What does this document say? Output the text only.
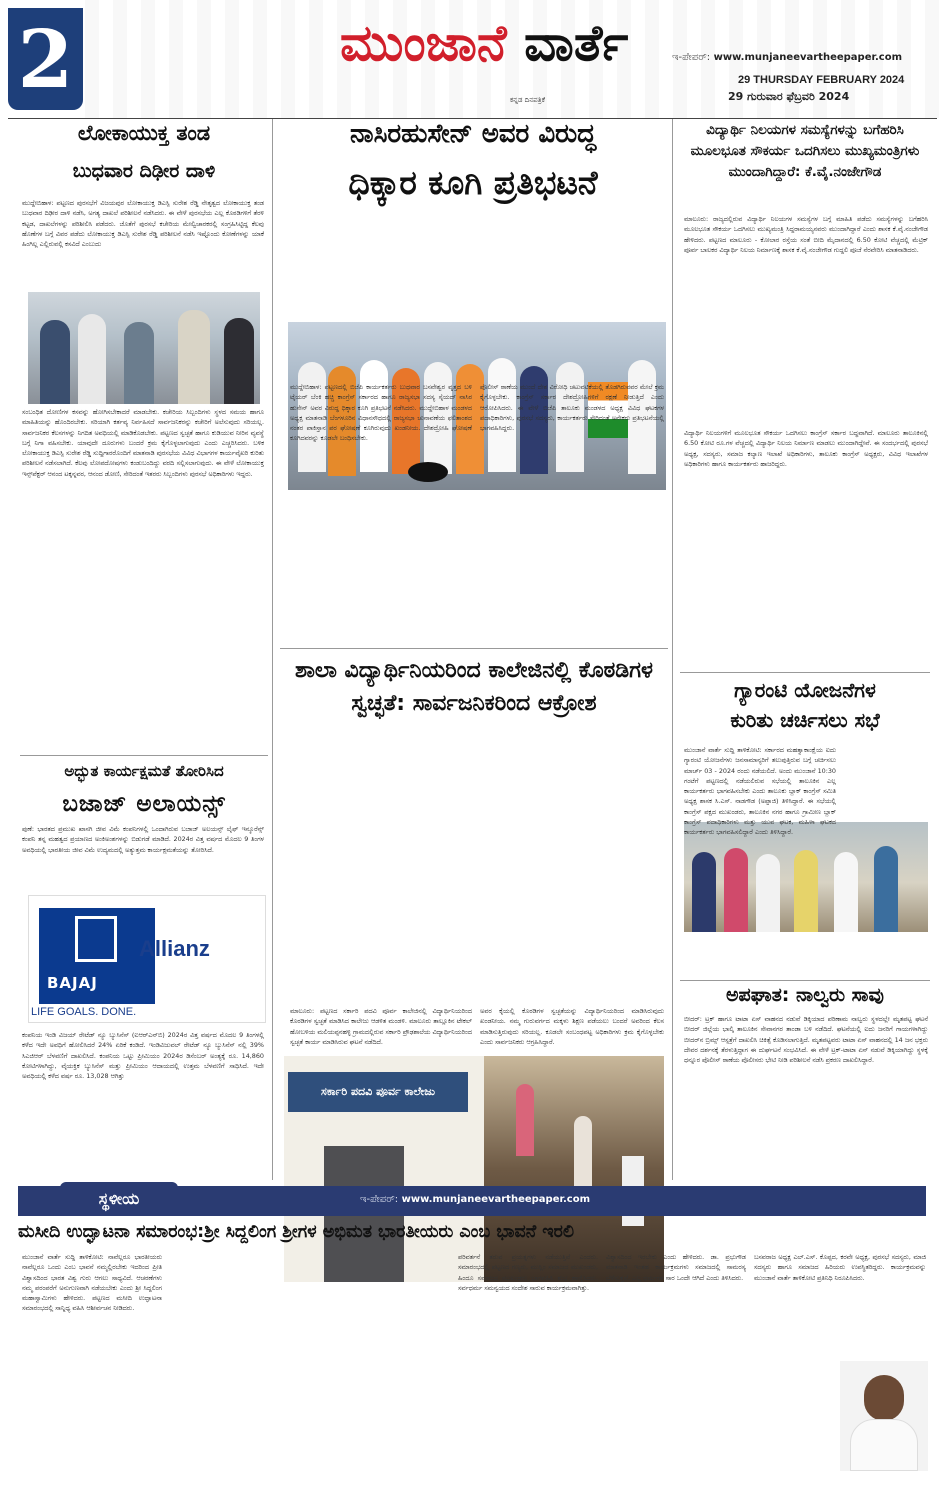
2	ಮುಂಜಾನೆ ವಾರ್ತೆ
ಕನ್ನಡ ದಿನಪತ್ರಿಕೆ
ಇ-ಪೇಪರ್: www.munjaneevartheepaper.com
29 THURSDAY FEBRUARY 2024
29 ಗುರುವಾರ ಫೆಬ್ರವರಿ 2024
ಲೋಕಾಯುಕ್ತ ತಂಡ
ಬುಧವಾರ ದಿಢೀರ ದಾಳಿ
ಮುದ್ದೇಬಿಹಾಳ: ಪಟ್ಟಣದ ಪುರಸಭೆಗೆ ವಿಜಯಪುರ ಲೋಕಾಯುಕ್ತ ಡಿಎಸ್ಪಿ ಸುರೇಶ ರೆಡ್ಡಿ ನೇತೃತ್ವದ ಲೋಕಾಯುಕ್ತ ತಂಡ ಬುಧವಾರ ದಿಢೀರ ದಾಳಿ ನಡೆಸಿ, ಅಗತ್ಯ ದಾಖಲೆ ಪರಿಶೀಲನೆ ನಡೆಸಿದರು. ಈ ವೇಳೆ ಪುರಸಭೆಯ ಎಲ್ಲ ಕೊಠಡಿಗಳಿಗೆ ತೆರಳಿ ಕಟ್ಟಡ, ದಾಖಲೆಗಳನ್ನು ಪರಿಶೀಲಿಸಿ ಪಡೆದರು. ಜೊತೆಗೆ ಪುರಸಭೆ ಕಚೇರಿಯ ಮೇಲ್ವಿಚಾರಕರಲ್ಲಿ ಸಂಗ್ರಹಿಸಿಟ್ಟಿದ್ದ ಕೆಲವು ಹೊಣೆಗಳ ಬಗ್ಗೆ ವಿವರ ಪಡೆದು ಲೋಕಾಯುಕ್ತ ಡಿಎಸ್ಪಿ ಸುರೇಶ ರೆಡ್ಡಿ ಪರಿಶೀಲನೆ ನಡೆಸಿ ಇಷ್ಟೊಂದು ಕೋಣೆಗಳನ್ನು ಯಾಕೆ ಹಿಂಗಿಲ್ಲ ಎಲ್ಲಿರುವಲ್ಲಿ ಕಸವಿದೆ ಎಂಬುದು
ಸಂಬಂಧಿತ ದೋಣಿಗಳ ಕಸವನ್ನು ಹೋಗಿಸಬೇಕಾದರೆ ಮಾಡಬೇಕು. ಕಚೇರಿಯ ಸಿಬ್ಬಂದಿಗಳು ಸ್ಥಳದ ಸಮಯ ಹಾಗೂ ಮಾಹಿತಿಯನ್ನು ಹೊಂದಿರಬೇಕು. ಸರಿಯಾಗಿ ಕರ್ತವ್ಯ ನಿರ್ವಹಿಸದೆ ಸಾರ್ವಜನಿಕರನ್ನು ಕಚೇರಿಗೆ ಅಲೆಸುವುದು ಸರಿಯಲ್ಲ. ಸಾರ್ವಜನಿಕರ ಕೆಲಸಗಳನ್ನು ನಿಗದಿತ ಅವಧಿಯಲ್ಲಿ ಮಾಡಿಕೊಡಬೇಕು. ಪಟ್ಟಣದ ಸ್ವಚ್ಛತೆ ಹಾಗೂ ಕುಡಿಯುವ ನೀರಿನ ವ್ಯವಸ್ಥೆ ಬಗ್ಗೆ ನಿಗಾ ವಹಿಸಬೇಕು. ಯಾವುದೇ ದೂರುಗಳು ಬಂದರೆ ಕ್ರಮ ಕೈಗೊಳ್ಳಲಾಗುವುದು ಎಂದು ಎಚ್ಚರಿಸಿದರು. ಬಳಿಕ ಲೋಕಾಯುಕ್ತ ಡಿಎಸ್ಪಿ ಸುರೇಶ ರೆಡ್ಡಿ ಸುದ್ದಿಗಾರರೊಂದಿಗೆ ಮಾತನಾಡಿ ಪುರಸಭೆಯ ವಿವಿಧ ವಿಭಾಗಗಳ ಕಾರ್ಯವೈಖರಿ ಕುರಿತು ಪರಿಶೀಲನೆ ನಡೆಸಲಾಗಿದೆ. ಕೆಲವು ಲೋಪದೋಷಗಳು ಕಂಡುಬಂದಿದ್ದು ವರದಿ ಸಲ್ಲಿಸಲಾಗುವುದು. ಈ ವೇಳೆ ಲೋಕಾಯುಕ್ತ ಇನ್ಸ್‌ಪೆಕ್ಟರ್ ಆನಂದ ಟಕ್ಕನ್ನವರ, ಆನಂದ ಡೋಣಿ, ಸೇರಿದಂತೆ ಇತರರು ಸಿಬ್ಬಂದಿಗಳು ಪುರಸಭೆ ಅಧಿಕಾರಿಗಳು ಇದ್ದರು.
ಅದ್ಭುತ ಕಾರ್ಯಕ್ಷಮತೆ ತೋರಿಸಿದ
ಬಜಾಜ್ ಅಲಾಯನ್ಸ್
ಪುಣೆ: ಭಾರತದ ಪ್ರಮುಖ ಖಾಸಗಿ ಜೀವ ವಿಮೆ ಕಂಪನಿಗಳಲ್ಲಿ ಒಂದಾಗಿರುವ ಬಜಾಜ್ ಅಲಯನ್ಸ್ ಲೈಫ್ ಇನ್ಶೂರೆನ್ಸ್ ಕಂಪನಿ ತನ್ನ ಮಹತ್ವದ ಪ್ರಯಾಣದ ಅಂಕಿಅಂಶಗಳನ್ನು ಬಿಡುಗಡೆ ಮಾಡಿದೆ. 2024ರ ವಿತ್ತ ವರ್ಷದ ಮೊದಲ 9 ತಿಂಗಳ ಅವಧಿಯಲ್ಲಿ ಭಾರತೀಯ ಜೀವ ವಿಮೆ ಉದ್ಯಮದಲ್ಲಿ ಅತ್ಯುತ್ತಮ ಕಾರ್ಯಕ್ಷಮತೆಯನ್ನು ತೋರಿಸಿದೆ.
BAJAJ
Allianz
LIFE GOALS. DONE.
ಕಂಪನಿಯ ಇಂಡಿ ವಿಜಯ್ ರೇಟೆಡ್ ನ್ಯೂ ಬ್ಯುಸಿನೆಸ್ (ಐಆರ್‌ಎನ್‌ಬಿ) 2024ರ ವಿತ್ತ ವರ್ಷದ ಮೊದಲ 9 ತಿಂಗಳಲ್ಲಿ ಕಳೆದ ಇದೇ ಅವಧಿಗೆ ಹೋಲಿಸಿದರೆ 24% ಏರಿಕೆ ಕಂಡಿದೆ. ಇಂಡಿವಿಜುವಲ್ ರೇಟೆಡ್ ನ್ಯೂ ಬ್ಯುಸಿನೆಸ್ ನಲ್ಲಿ 39% ಸಿಎಜಿಆರ್ ಬೆಳವಣಿಗೆ ದಾಖಲಿಸಿದೆ. ಕಂಪನಿಯ ಒಟ್ಟು ಪ್ರೀಮಿಯಂ 2024ರ ಡಿಸೆಂಬರ್ ಅಂತ್ಯಕ್ಕೆ ರೂ. 14,860 ಕೋಟಿಗಳಾಗಿದ್ದು, ವೈಯಕ್ತಿಕ ಬ್ಯುಸಿನೆಸ್ ಮತ್ತು ಪ್ರೀಮಿಯಂ ಆದಾಯದಲ್ಲಿ ಉತ್ತಮ ಬೆಳವಣಿಗೆ ಸಾಧಿಸಿದೆ. ಇದೇ ಅವಧಿಯಲ್ಲಿ ಕಳೆದ ವರ್ಷ ರೂ. 13,028 ಆಗಿತ್ತು
ನಾಸಿರಹುಸೇನ್ ಅವರ ವಿರುದ್ಧ
ಧಿಕ್ಕಾರ ಕೂಗಿ ಪ್ರತಿಭಟನೆ
ಮುದ್ದೇಬಿಹಾಳ: ಪಟ್ಟಣದಲ್ಲಿ ಬಿಜೆಪಿ ಕಾರ್ಯಕರ್ತರು ಬುಧವಾರ ಬಸವೇಶ್ವರ ವೃತ್ತದ ಬಳಿ ಟೈಯರ್ ಬೆಂಕಿ ಹಚ್ಚಿ ಕಾಂಗ್ರೆಸ್ ಸರ್ಕಾರದ ಹಾಗೂ ರಾಜ್ಯಸಭಾ ಸದಸ್ಯ ಸೈಯದ್ ನಾಸಿರ ಹುಸೇನ್ ಅವರ ವಿರುದ್ಧ ಧಿಕ್ಕಾರ ಕೂಗಿ ಪ್ರತಿಭಟನೆ ನಡೆಸಿದರು. ಮುದ್ದೇಬಿಹಾಳ ಮಂಡಳದ ಅಧ್ಯಕ್ಷ ಮಾತನಾಡಿ ಬೆಂಗಳೂರಿನ ವಿಧಾನಸೌಧದಲ್ಲಿ ರಾಜ್ಯಸಭಾ ಚುನಾವಣೆಯ ಫಲಿತಾಂಶದ ನಂತರ ಪಾಕಿಸ್ತಾನ ಪರ ಘೋಷಣೆ ಕೂಗಿರುವುದು ಖಂಡನೀಯ. ದೇಶದ್ರೋಹಿ ಘೋಷಣೆ ಕೂಗಿದವರನ್ನು ಕೂಡಲೇ ಬಂಧಿಸಬೇಕು.
ಪೊಲೀಸ್ ಠಾಣೆಯ ಮುಂದೆ ದೇಶ ವಿರೋಧಿ ಚಟುವಟಿಕೆಯಲ್ಲಿ ತೊಡಗಿರುವವರ ಮೇಲೆ ಕ್ರಮ ಕೈಗೊಳ್ಳಬೇಕು. ಕಾಂಗ್ರೆಸ್ ಸರ್ಕಾರ ದೇಶದ್ರೋಹಿಗಳಿಗೆ ರಕ್ಷಣೆ ನೀಡುತ್ತಿದೆ ಎಂದು ಆರೋಪಿಸಿದರು. ಈ ವೇಳೆ ಬಿಜೆಪಿ ತಾಲೂಕು ಮಂಡಳದ ಅಧ್ಯಕ್ಷ ವಿವಿಧ ಘಟಕಗಳ ಪದಾಧಿಕಾರಿಗಳು, ಪುರಸಭೆ ಸದಸ್ಯರು, ಕಾರ್ಯಕರ್ತರು ಸೇರಿದಂತೆ ಅನೇಕರು ಪ್ರತಿಭಟನೆಯಲ್ಲಿ ಭಾಗವಹಿಸಿದ್ದರು.
ಶಾಲಾ ವಿದ್ಯಾರ್ಥಿನಿಯರಿಂದ ಕಾಲೇಜಿನಲ್ಲಿ ಕೊಠಡಿಗಳ ಸ್ವಚ್ಛತೆ: ಸಾರ್ವಜನಿಕರಿಂದ ಆಕ್ರೋಶ
ಸರ್ಕಾರಿ ಪದವಿ ಪೂರ್ವ ಕಾಲೇಜು
ಮಾಲೂರು: ಪಟ್ಟಣದ ಸರ್ಕಾರಿ ಪದವಿ ಪೂರ್ವ ಕಾಲೇಜಿನಲ್ಲಿ ವಿದ್ಯಾರ್ಥಿನಿಯರಿಂದ ಕೊಠಡಿಗಳ ಸ್ವಚ್ಛತೆ ಮಾಡಿಸಿದ ಕಾಲೇಜು ಆಡಳಿತ ಮಂಡಳಿ. ಮಾಲೂರು ತಾಲ್ಲೂಕಿನ ಟೇಕಲ್ ಹೋಬಳಿಯ ಮಲಿಯಪ್ಪನಹಳ್ಳಿ ಗ್ರಾಮದಲ್ಲಿರುವ ಸರ್ಕಾರಿ ಪ್ರೌಢಶಾಲೆಯ ವಿದ್ಯಾರ್ಥಿನಿಯರಿಂದ ಸ್ವಚ್ಛತೆ ಕಾರ್ಯ ಮಾಡಿಸಿರುವ ಘಟನೆ ನಡೆದಿದೆ.
ಅವರ ಕೈಯಲ್ಲಿ ಕೊಠಡಿಗಳ ಸ್ವಚ್ಛತೆಯನ್ನು ವಿದ್ಯಾರ್ಥಿನಿಯರಿಂದ ಮಾಡಿಸಿರುವುದು ಖಂಡನೀಯ. ನಮ್ಮ ಗುರುವರ್ಗದ ಮಕ್ಕಳು ಶಿಕ್ಷಣ ಪಡೆಯಲು ಬಂದರೆ ಅವರಿಂದ ಕೆಲಸ ಮಾಡಿಸುತ್ತಿರುವುದು ಸರಿಯಲ್ಲ. ಕೂಡಲೇ ಸಂಬಂಧಪಟ್ಟ ಅಧಿಕಾರಿಗಳು ಕ್ರಮ ಕೈಗೊಳ್ಳಬೇಕು ಎಂದು ಸಾರ್ವಜನಿಕರು ಆಗ್ರಹಿಸಿದ್ದಾರೆ.
ವಿದ್ಯಾರ್ಥಿ ನಿಲಯಗಳ ಸಮಸ್ಯೆಗಳನ್ನು ಬಗೆಹರಿಸಿ ಮೂಲಭೂತ ಸೌಕರ್ಯ ಒದಗಿಸಲು ಮುಖ್ಯಮಂತ್ರಿಗಳು ಮುಂದಾಗಿದ್ದಾರೆ: ಕೆ.ವೈ.ನಂಜೇಗೌಡ
ಮಾಲೂರು: ರಾಜ್ಯದಲ್ಲಿರುವ ವಿದ್ಯಾರ್ಥಿ ನಿಲಯಗಳ ಸಮಸ್ಯೆಗಳ ಬಗ್ಗೆ ಮಾಹಿತಿ ಪಡೆದು ಸಮಸ್ಯೆಗಳನ್ನು ಬಗೆಹರಿಸಿ ಮೂಲಭೂತ ಸೌಕರ್ಯ ಒದಗಿಸಲು ಮುಖ್ಯಮಂತ್ರಿ ಸಿದ್ದರಾಮಯ್ಯನವರು ಮುಂದಾಗಿದ್ದಾರೆ ಎಂದು ಶಾಸಕ ಕೆ.ವೈ.ನಂಜೇಗೌಡ ಹೇಳಿದರು. ಪಟ್ಟಣದ ಮಾಲೂರು - ಕೋಲಾರ ರಸ್ತೆಯ ಸಂತೆ ಬೀದಿ ಮೈದಾನದಲ್ಲಿ 6.50 ಕೋಟಿ ವೆಚ್ಚದಲ್ಲಿ ಮೆಟ್ರಿಕ್ ಪೂರ್ವ ಬಾಲಕರ ವಿದ್ಯಾರ್ಥಿ ನಿಲಯ ನಿರ್ಮಾಣಕ್ಕೆ ಶಾಸಕ ಕೆ.ವೈ.ನಂಜೇಗೌಡ ಗುದ್ದಲಿ ಪೂಜೆ ನೆರವೇರಿಸಿ ಮಾತನಾಡಿದರು.
ವಿದ್ಯಾರ್ಥಿ ನಿಲಯಗಳಿಗೆ ಮೂಲಭೂತ ಸೌಕರ್ಯ ಒದಗಿಸಲು ಕಾಂಗ್ರೆಸ್ ಸರ್ಕಾರ ಬದ್ಧವಾಗಿದೆ. ಮಾಲೂರು ತಾಲೂಕಿನಲ್ಲಿ 6.50 ಕೋಟಿ ರೂ.ಗಳ ವೆಚ್ಚದಲ್ಲಿ ವಿದ್ಯಾರ್ಥಿ ನಿಲಯ ನಿರ್ಮಾಣ ಮಾಡಲು ಮುಂದಾಗಿದ್ದೇವೆ. ಈ ಸಂದರ್ಭದಲ್ಲಿ ಪುರಸಭೆ ಅಧ್ಯಕ್ಷ, ಸದಸ್ಯರು, ಸಮಾಜ ಕಲ್ಯಾಣ ಇಲಾಖೆ ಅಧಿಕಾರಿಗಳು, ತಾಲೂಕು ಕಾಂಗ್ರೆಸ್ ಅಧ್ಯಕ್ಷರು, ವಿವಿಧ ಇಲಾಖೆಗಳ ಅಧಿಕಾರಿಗಳು ಹಾಗೂ ಕಾರ್ಯಕರ್ತರು ಹಾಜರಿದ್ದರು.
ಗ್ಯಾರಂಟಿ ಯೋಜನೆಗಳ
ಕುರಿತು ಚರ್ಚಿಸಲು ಸಭೆ
ಮುಂಜಾನೆ ವಾರ್ತೆ ಸುದ್ದಿ ತಾಳಿಕೋಟಿ: ಸರ್ಕಾರದ ಮಹತ್ವಾಕಾಂಕ್ಷೆಯ ಐದು ಗ್ಯಾರಂಟಿ ಯೋಜನೆಗಳು ಜನಸಾಮಾನ್ಯರಿಗೆ ತಲುಪುತ್ತಿರುವ ಬಗ್ಗೆ ಚರ್ಚಿಸಲು ಮಾರ್ಚ್ 03 - 2024 ರಂದು ನಡೆಯಲಿದೆ. ಅಂದು ಮುಂಜಾನೆ 10:30 ಗಂಟೆಗೆ ಪಟ್ಟಣದಲ್ಲಿ ನಡೆಯಲಿರುವ ಸಭೆಯಲ್ಲಿ ತಾಲೂಕಿನ ಎಲ್ಲ ಕಾರ್ಯಕರ್ತರು ಭಾಗವಹಿಸಬೇಕು ಎಂದು ತಾಲೂಕು ಬ್ಲಾಕ್ ಕಾಂಗ್ರೆಸ್ ಸಮಿತಿ ಅಧ್ಯಕ್ಷ ಶಾಸಕ ಸಿ.ಎಸ್. ನಾಡಗೌಡ (ಅಪ್ಪಾಜಿ) ತಿಳಿಸಿದ್ದಾರೆ. ಈ ಸಭೆಯಲ್ಲಿ ಕಾಂಗ್ರೆಸ್ ಪಕ್ಷದ ಮುಖಂಡರು, ತಾಲೂಕಿನ ನಗರ ಹಾಗೂ ಗ್ರಾಮೀಣ ಬ್ಲಾಕ್ ಕಾಂಗ್ರೆಸ್ ಪದಾಧಿಕಾರಿಗಳು ಮತ್ತು ಯುವ ಘಟಕ, ಮಹಿಳಾ ಘಟಕದ ಕಾರ್ಯಕರ್ತರು ಭಾಗವಹಿಸಲಿದ್ದಾರೆ ಎಂದು ತಿಳಿಸಿದ್ದಾರೆ.
ಅಪಘಾತ: ನಾಲ್ವರು ಸಾವು
ಬೀದರ್: ಟ್ರಕ್ ಹಾಗೂ ಟಾಟಾ ಏಸ್ ವಾಹನದ ನಡುವೆ ಡಿಕ್ಕಿಯಾದ ಪರಿಣಾಮ ನಾಲ್ವರು ಸ್ಥಳದಲ್ಲೇ ಮೃತಪಟ್ಟ ಘಟನೆ ಬೀದರ್ ಜಿಲ್ಲೆಯ ಭಾಲ್ಕಿ ತಾಲೂಕಿನ ಸೇವಾನಗರ ತಾಂಡಾ ಬಳಿ ನಡೆದಿದೆ. ಘಟನೆಯಲ್ಲಿ ಐದು ಜನರಿಗೆ ಗಾಯಗಳಾಗಿದ್ದು ಬೀದರ್‌ನ ಬ್ರಿಮ್ಸ್ ಆಸ್ಪತ್ರೆಗೆ ದಾಖಲಿಸಿ ಚಿಕಿತ್ಸೆ ಕೊಡಿಸಲಾಗುತ್ತಿದೆ. ಮೃತಪಟ್ಟವರು ಟಾಟಾ ಏಸ್ ವಾಹನದಲ್ಲಿ 14 ಜನ ಭಕ್ತರು ದೇವರ ದರ್ಶನಕ್ಕೆ ತೆರಳುತ್ತಿದ್ದಾಗ ಈ ದುರ್ಘಟನೆ ಸಂಭವಿಸಿದೆ. ಈ ವೇಳೆ ಟ್ರಕ್-ಟಾಟಾ ಏಸ್ ನಡುವೆ ಡಿಕ್ಕಿಯಾಗಿದ್ದು ಸ್ಥಳಕ್ಕೆ ಧನ್ನೂರ ಪೊಲೀಸ್ ಠಾಣೆಯ ಪೊಲೀಸರು ಭೇಟಿ ನೀಡಿ ಪರಿಶೀಲನೆ ನಡೆಸಿ ಪ್ರಕರಣ ದಾಖಲಿಸಿದ್ದಾರೆ.
ಸ್ಥಳೀಯ	ಇ-ಪೇಪರ್: www.munjaneevartheepaper.com
ಮಸೀದಿ ಉದ್ಘಾಟನಾ ಸಮಾರಂಭ:ಶ್ರೀ ಸಿದ್ದಲಿಂಗ ಶ್ರೀಗಳ ಅಭಿಮತ ಭಾರತೀಯರು ಎಂಬ ಭಾವನೆ ಇರಲಿ
ಮುಂಜಾನೆ ವಾರ್ತೆ ಸುದ್ದಿ ತಾಳಿಕೋಟಿ: ನಾವೆಲ್ಲರೂ ಭಾರತೀಯರು ನಾವೆಲ್ಲರೂ ಒಂದು ಎಂಬ ಭಾವನೆ ನಮ್ಮಲ್ಲಿರಬೇಕು ಇದರಿಂದ ಪ್ರೀತಿ ವಿಶ್ವಾಸದಿಂದ ಭಾರತ ವಿಶ್ವ ಗುರು ಆಗಲು ಸಾಧ್ಯವಿದೆ. ಆಚರಣೆಗಳು ನಮ್ಮ ಪರಂಪರೆಗೆ ಅನುಗುಣವಾಗಿ ನಡೆಯಬೇಕು ಎಂದು ಶ್ರೀ ಸಿದ್ದಲಿಂಗ ಮಹಾಸ್ವಾಮಿಗಳು ಹೇಳಿದರು. ಪಟ್ಟಣದ ಮಸೀದಿ ಉದ್ಘಾಟನಾ ಸಮಾರಂಭದಲ್ಲಿ ಸಾನ್ನಿಧ್ಯ ವಹಿಸಿ ಆಶೀರ್ವಚನ ನೀಡಿದರು.
ಪರಿವರ್ತನೆ ತರುವ ಪ್ರಯತ್ನಗಳು ನಡೆಯುತ್ತಿವೆ ಎಂದರು. ಸಮಾರಂಭದಲ್ಲಿ ಪಟ್ಟಣದ ಗಣ್ಯರು, ಮುಸ್ಲಿಂ ಸಮಾಜದ ಮುಖಂಡರು, ಹಿಂದೂ ಸಮಾಜದ ಮುಖಂಡರು ಭಾಗವಹಿಸಿ ಶುಭ ಹಾರೈಸಿದರು. ಸರ್ವಧರ್ಮ ಸಮನ್ವಯದ ಸಂದೇಶ ಸಾರುವ ಕಾರ್ಯಕ್ರಮವಾಗಿತ್ತು.
ವಿಶ್ವಾಸದಿಂದ ಇರಬೇಕು ಎಂದು ಹೇಳಿದರು. ಡಾ. ಪ್ರಭುಗೌಡ ಮಾತನಾಡಿ ಇಂತಹ ಕಾರ್ಯಕ್ರಮಗಳು ಸಮಾಜದಲ್ಲಿ ಸಾಮರಸ್ಯ ಬೆಳೆಸುತ್ತವೆ. ಎಲ್ಲ ಧರ್ಮಗಳ ಸಾರ ಒಂದೇ ಆಗಿದೆ ಎಂದು ತಿಳಿಸಿದರು.
ಬಸವರಾಜ ಅಧ್ಯಕ್ಷ ಎಲ್.ಎಸ್. ಕೊಪ್ಪದ, ಕರವೇ ಅಧ್ಯಕ್ಷ, ಪುರಸಭೆ ಸದಸ್ಯರು, ಮಾಜಿ ಸದಸ್ಯರು ಹಾಗೂ ಸಮಾಜದ ಹಿರಿಯರು ಉಪಸ್ಥಿತರಿದ್ದರು. ಕಾರ್ಯಕ್ರಮವನ್ನು ಮುಂಜಾನೆ ವಾರ್ತೆ ತಾಳಿಕೋಟಿ ಪ್ರತಿನಿಧಿ ನಿರೂಪಿಸಿದರು.
